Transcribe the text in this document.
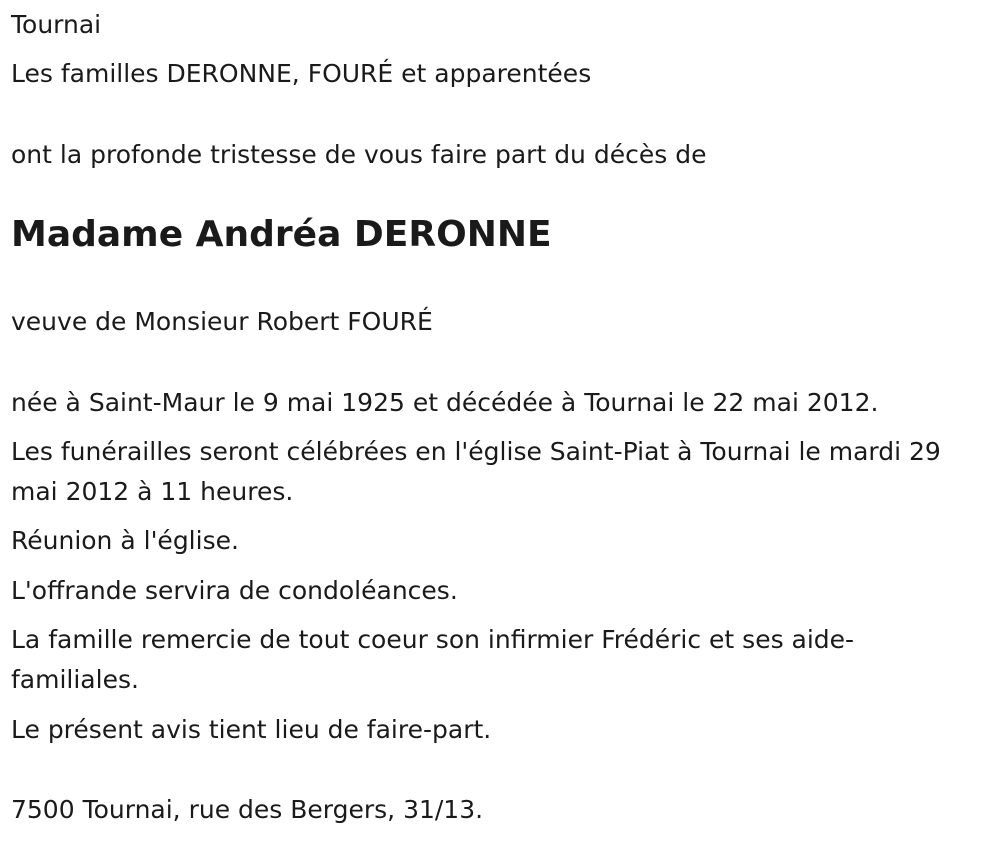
Tournai

Les familles DERONNE, FOURÉ et apparentées

ont la profonde tristesse de vous faire part du décès de

Madame Andréa DERONNE

veuve de Monsieur Robert FOURÉ

née à Saint-Maur le 9 mai 1925 et décédée à Tournai le 22 mai 2012.

Les funérailles seront célébrées en l'église Saint-Piat à Tournai le mardi 29 mai 2012 à 11 heures.

Réunion à l'église.

L'offrande servira de condoléances.

La famille remercie de tout coeur son infirmier Frédéric et ses aide-familiales.

Le présent avis tient lieu de faire-part.

7500 Tournai, rue des Bergers, 31/13.
